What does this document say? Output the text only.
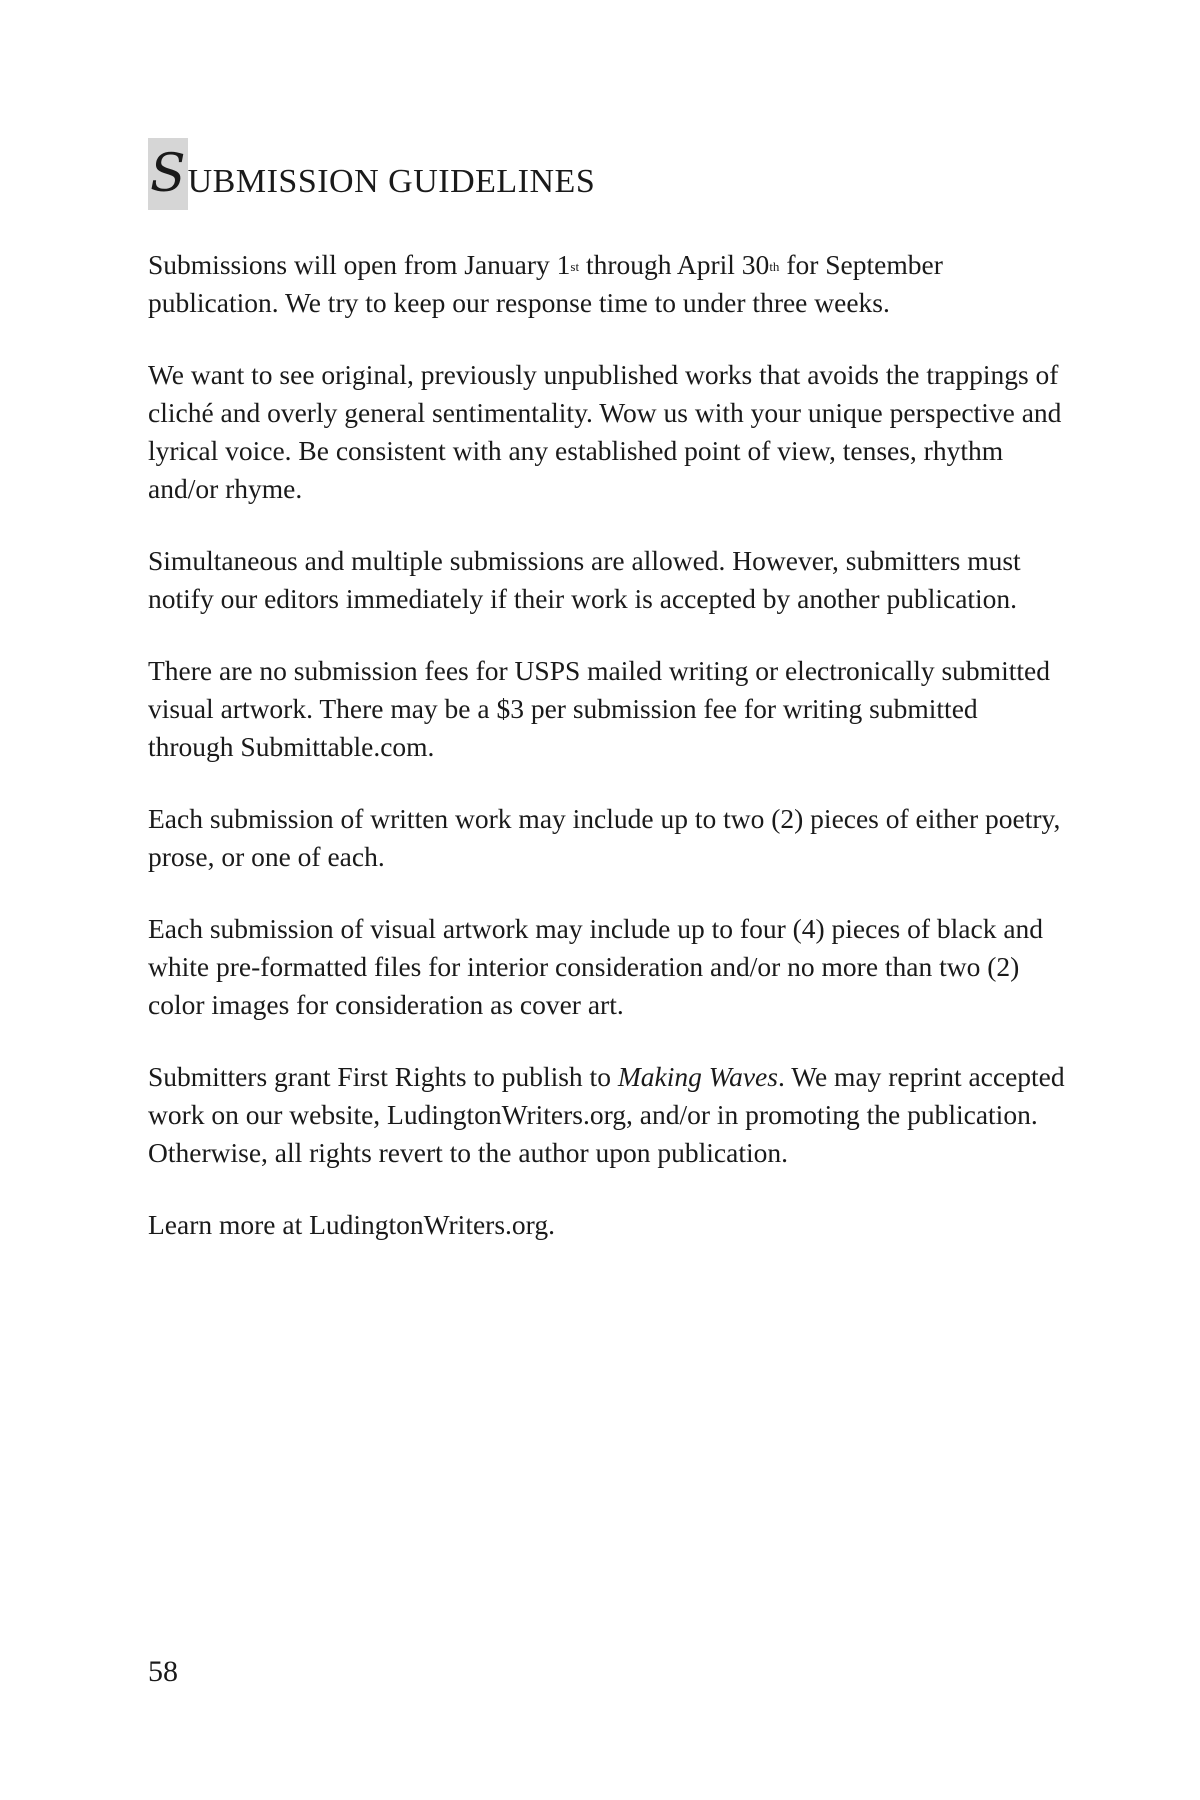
S UBMISSION GUIDELINES

Submissions will open from January 1st through April 30th for September publication. We try to keep our response time to under three weeks.

We want to see original, previously unpublished works that avoids the trappings of cliché and overly general sentimentality. Wow us with your unique perspective and lyrical voice. Be consistent with any established point of view, tenses, rhythm and/or rhyme.

Simultaneous and multiple submissions are allowed. However, submitters must notify our editors immediately if their work is accepted by another publication.

There are no submission fees for USPS mailed writing or electronically submitted visual artwork. There may be a $3 per submission fee for writing submitted through Submittable.com.

Each submission of written work may include up to two (2) pieces of either poetry, prose, or one of each.

Each submission of visual artwork may include up to four (4) pieces of black and white pre-formatted files for interior consideration and/or no more than two (2) color images for consideration as cover art.

Submitters grant First Rights to publish to Making Waves. We may reprint accepted work on our website, LudingtonWriters.org, and/or in promoting the publication. Otherwise, all rights revert to the author upon publication.

Learn more at LudingtonWriters.org.

58
